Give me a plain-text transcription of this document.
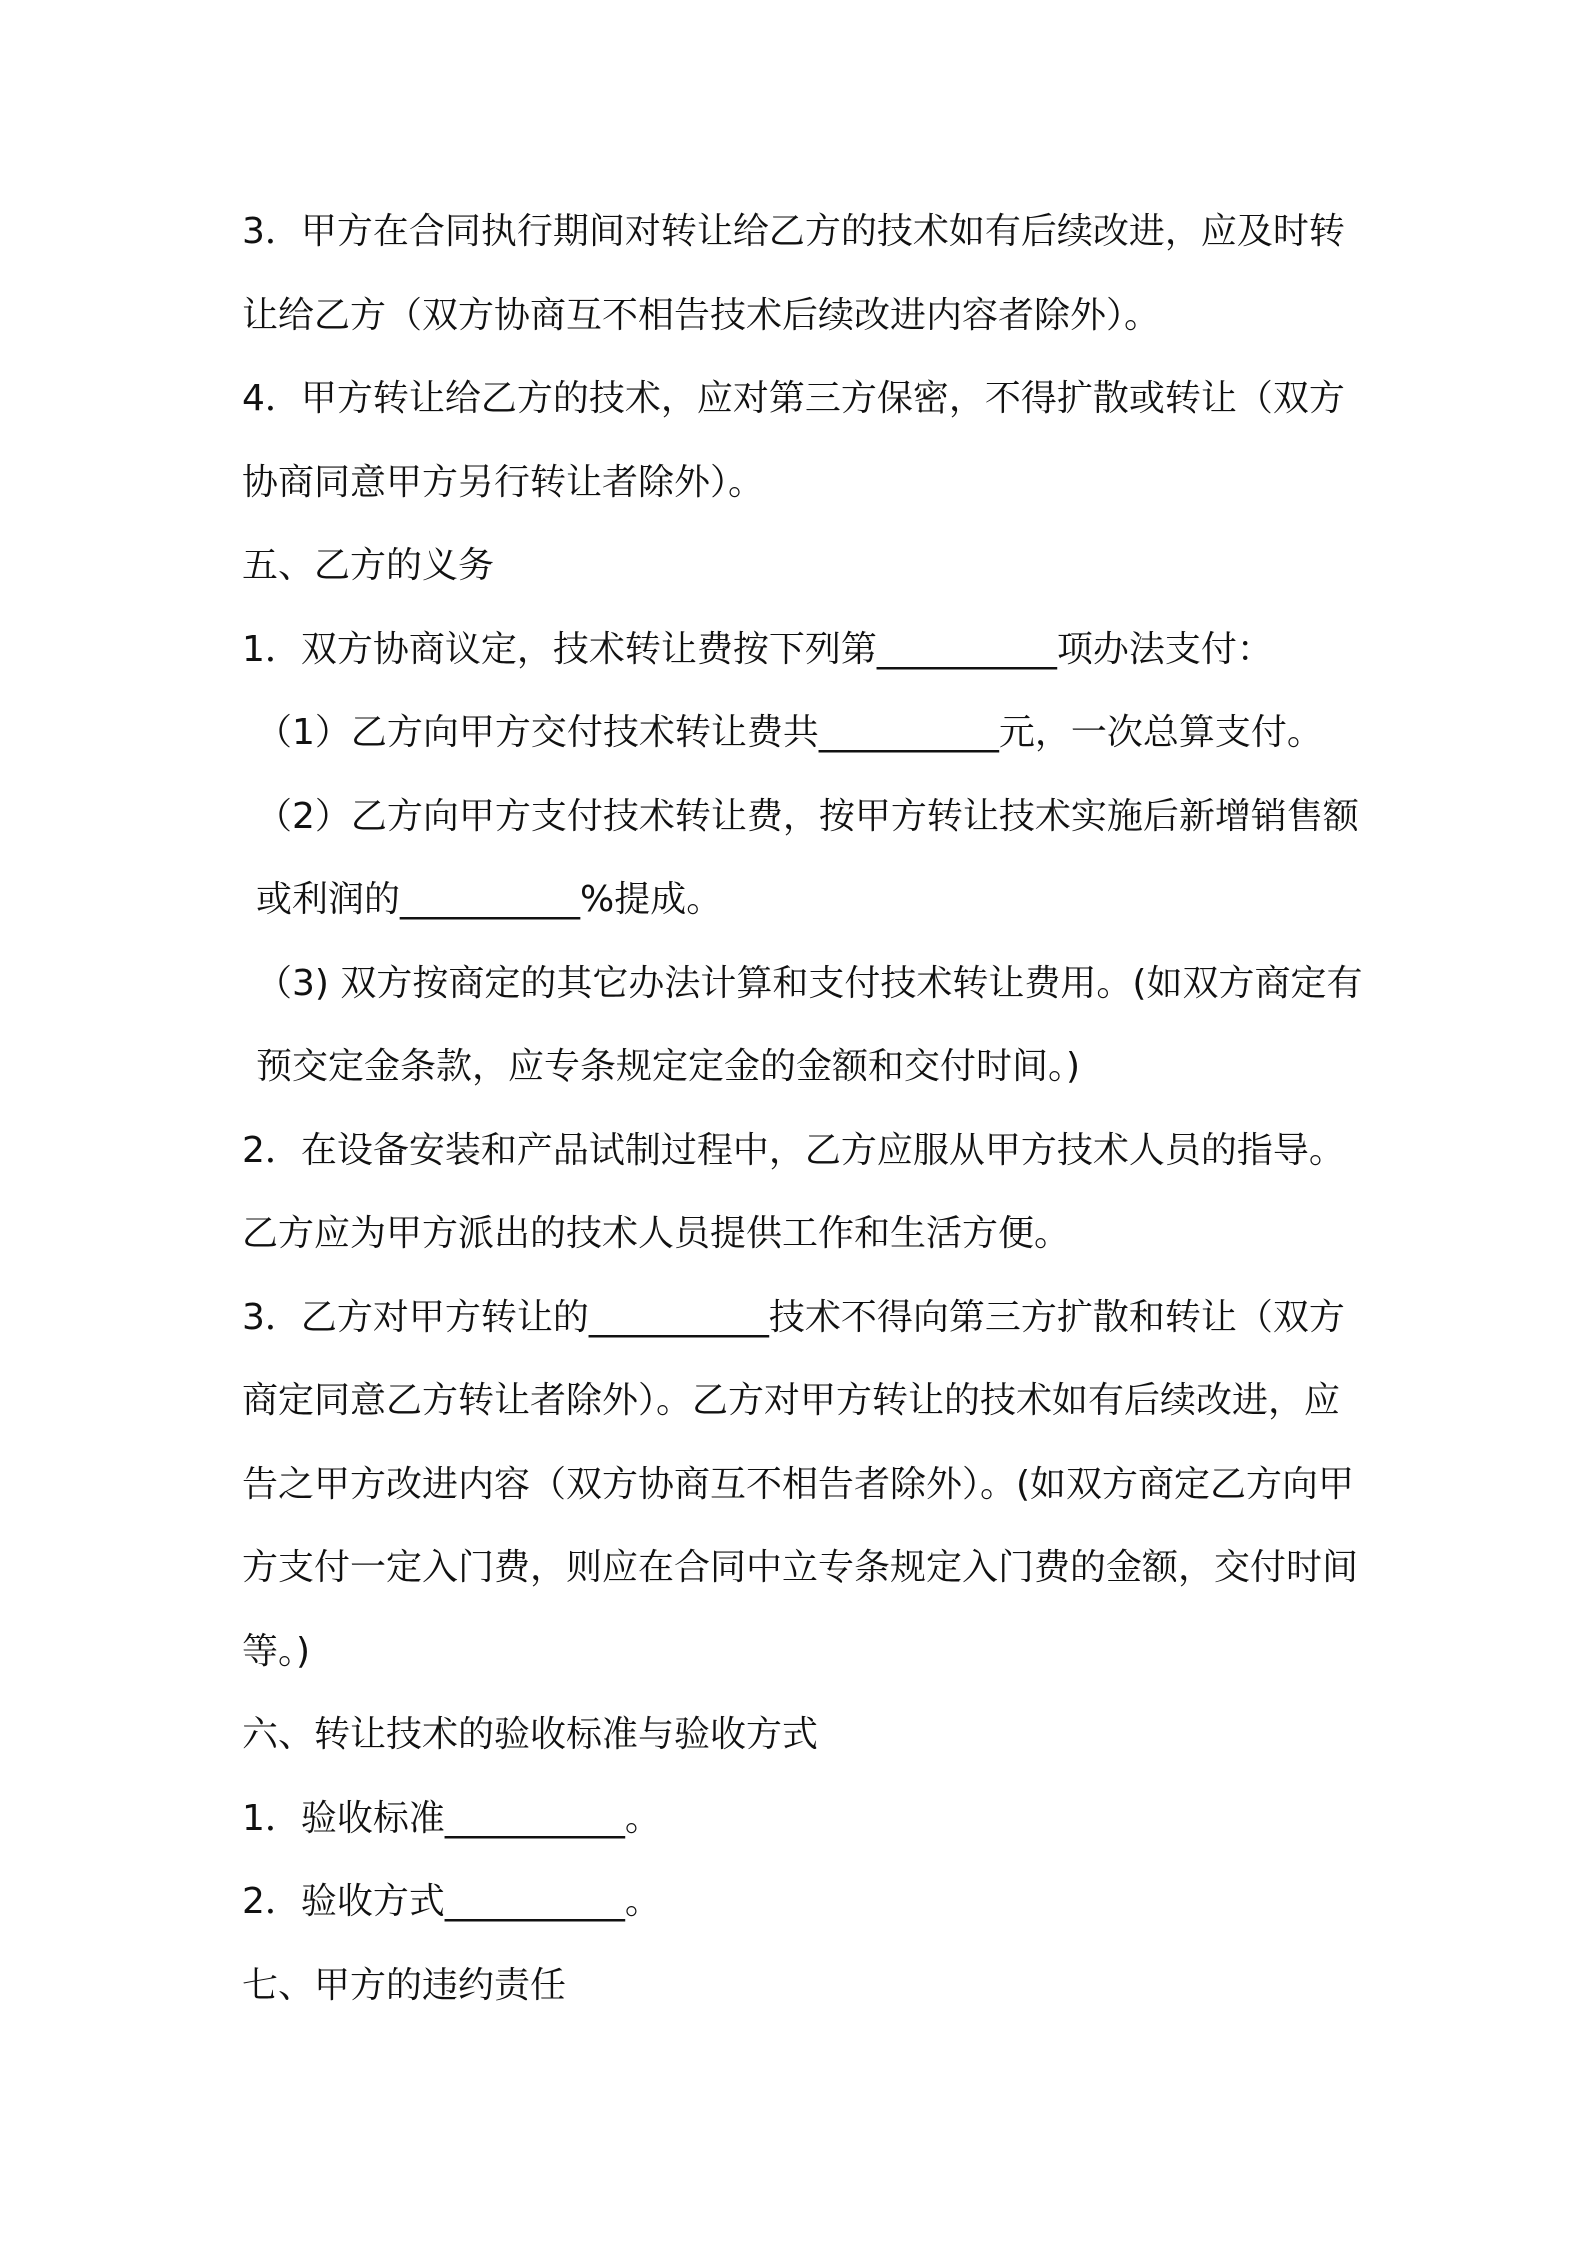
3．甲方在合同执行期间对转让给乙方的技术如有后续改进，应及时转让给乙方（双方协商互不相告技术后续改进内容者除外）。

4．甲方转让给乙方的技术，应对第三方保密，不得扩散或转让（双方协商同意甲方另行转让者除外）。

五、乙方的义务

1．双方协商议定，技术转让费按下列第__________项办法支付：

（1）乙方向甲方交付技术转让费共__________元，一次总算支付。

（2）乙方向甲方支付技术转让费，按甲方转让技术实施后新增销售额或利润的__________%提成。

（3) 双方按商定的其它办法计算和支付技术转让费用。(如双方商定有预交定金条款，应专条规定定金的金额和交付时间。)

2．在设备安装和产品试制过程中，乙方应服从甲方技术人员的指导。乙方应为甲方派出的技术人员提供工作和生活方便。

3．乙方对甲方转让的__________技术不得向第三方扩散和转让（双方商定同意乙方转让者除外）。乙方对甲方转让的技术如有后续改进，应告之甲方改进内容（双方协商互不相告者除外）。(如双方商定乙方向甲方支付一定入门费，则应在合同中立专条规定入门费的金额，交付时间等。)

六、转让技术的验收标准与验收方式

1．验收标准__________。

2．验收方式__________。

七、甲方的违约责任
